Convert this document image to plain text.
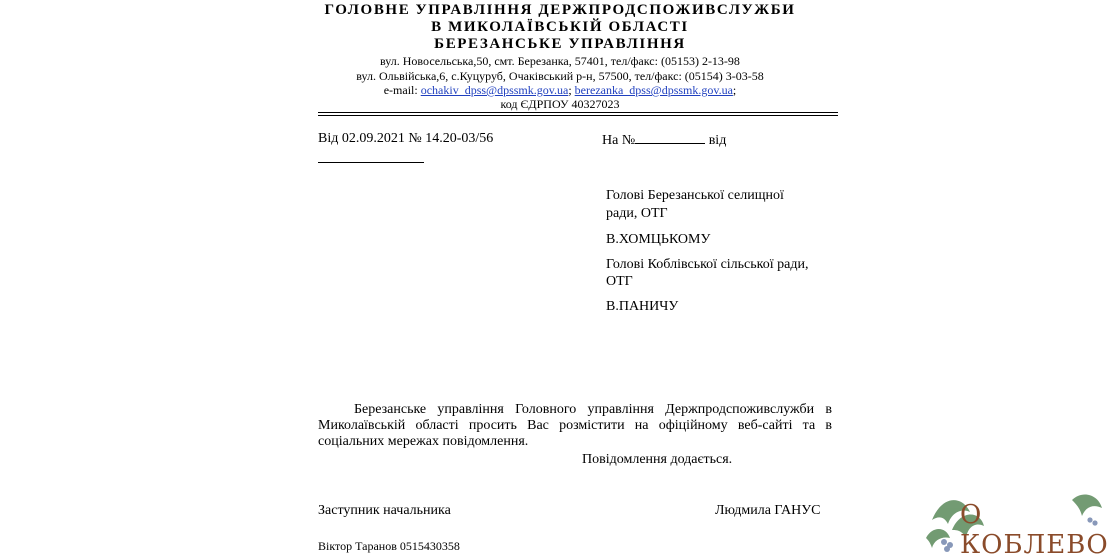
ГОЛОВНЕ УПРАВЛІННЯ ДЕРЖПРОДСПОЖИВСЛУЖБИ
В МИКОЛАЇВСЬКІЙ ОБЛАСТІ
БЕРЕЗАНСЬКЕ УПРАВЛІННЯ
вул. Новосельська,50, смт. Березанка, 57401, тел/факс: (05153) 2-13-98
вул. Ольвійська,6, с.Куцуруб, Очаківський р-н, 57500, тел/факс: (05154) 3-03-58
e-mail: ochakiv_dpss@dpssmk.gov.ua; berezanka_dpss@dpssmk.gov.ua;
код ЄДРПОУ 40327023
Від 02.09.2021 № 14.20-03/56	На №	від
Голові Березанської селищної
ради, ОТГ
В.ХОМЦЬКОМУ
Голові Коблівської сільської ради,
ОТГ
В.ПАНИЧУ
Березанське управління Головного управління Держпродспоживслужби в Миколаївській області просить Вас розмістити на офіційному веб-сайті та в соціальних мережах повідомлення.
Повідомлення додається.
Заступник начальника	Людмила ГАНУС
Віктор Таранов 0515430358
О КОБЛЕВО
